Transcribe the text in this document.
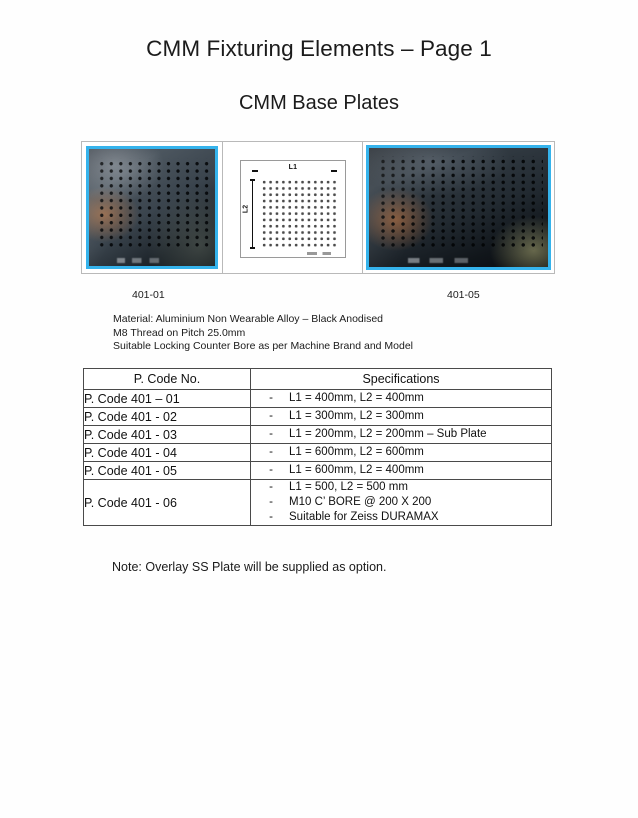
CMM Fixturing Elements – Page 1
CMM Base Plates
L1
L2
401-01	401-05
Material: Aluminium Non Wearable Alloy – Black Anodised
M8 Thread on Pitch 25.0mm
Suitable Locking Counter Bore as per Machine Brand and Model
P. Code No.	Specifications
P. Code 401 – 01	-	L1 = 400mm, L2 = 400mm

P. Code 401 - 02	-	L1 = 300mm, L2 = 300mm

P. Code 401 - 03	-	L1 = 200mm, L2 = 200mm – Sub Plate

P. Code 401 - 04	-	L1 = 600mm, L2 = 600mm

P. Code 401 - 05	-	L1 = 600mm, L2 = 400mm

P. Code 401 - 06	
-	L1 = 500, L2 = 500 mm
-	M10 C’ BORE @ 200 X 200
-	Suitable for Zeiss DURAMAX
Note: Overlay SS Plate will be supplied as option.
